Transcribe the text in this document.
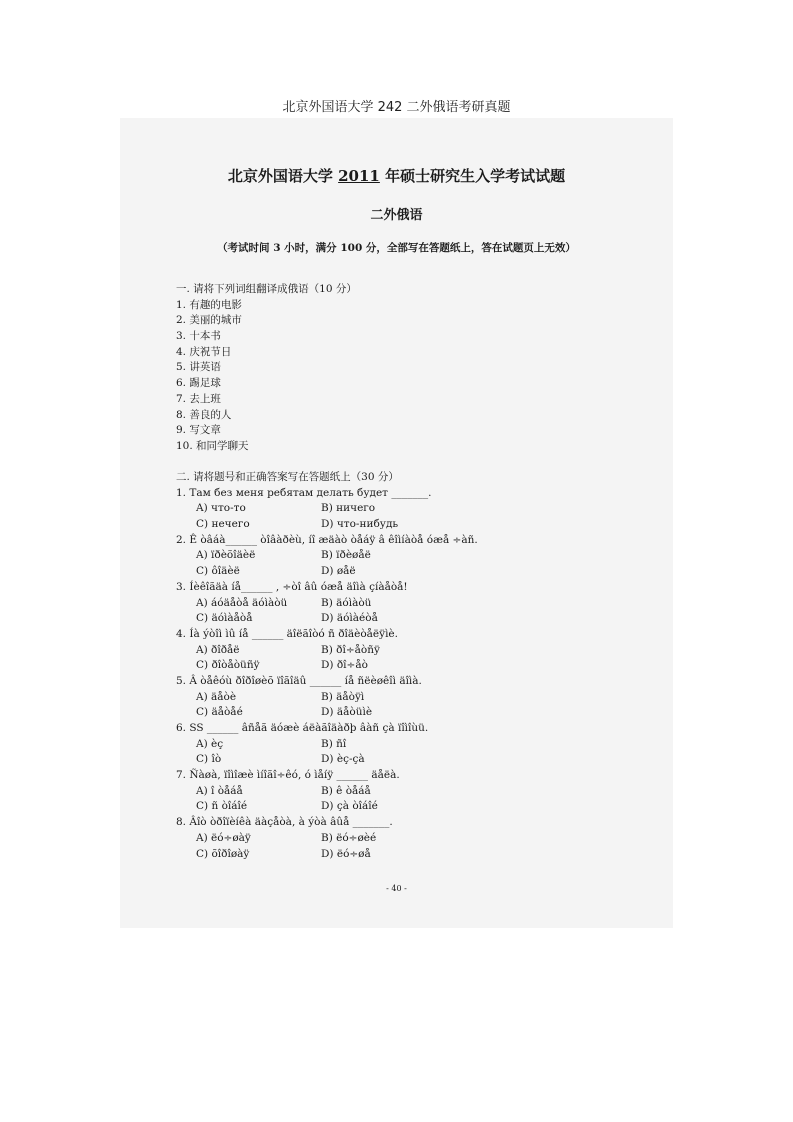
北京外国语大学 242 二外俄语考研真题
北京外国语大学 2011 年硕士研究生入学考试试题
二外俄语
（考试时间 3 小时，满分 100 分，全部写在答题纸上，答在试题页上无效）
一. 请将下列词组翻译成俄语（10 分）
1. 有趣的电影
2. 美丽的城市
3. 十本书
4. 庆祝节日
5. 讲英语
6. 踢足球
7. 去上班
8. 善良的人
9. 写文章
10. 和同学聊天
二. 请将题号和正确答案写在答题纸上（30 分）
1. Там без меня ребятам делать будет _______.
A) что-то	B) ничего
C) нечего	D) что-нибудь
2. Ê òâáà______ òîâàðèù, íî æäàò òåáÿ â êîìíàòå óæå ÷àñ.
A) ïðèõîäèë	B) ïðèøåë
C) ôîäèë	D) øåë
3. Íèêîãäà íå______ , ÷òî âû óæå äîìà çíàåòå!
A) áóäåòå äóìàòü	B) äóìàòü
C) äóìàåòå	D) äóìàéòå
4. Íà ýòîì ìû íå ______ äîëãîòó ñ ðîäèòåëÿìè.
A) ðîðåë	B) ðî÷åòñÿ
C) ðîòåòüñÿ	D) ðî÷åò
5. Â òåêóù ðîðîøèõ ïîãîäû ______ íå ñëèøêîì äîìà.
A) äåòè	B) äåòÿì
C) äåòåé	D) äåòüìè
6. SS ______ âñåã äóæè áëàãîäàðþ âàñ çà ïîìîùü.
A) èç	B) ñî
C) îò	D) èç-çà
7. Ñàøà, ïîìîæè ìíîãî÷êó, ó ìåíÿ ______ äåëà.
A) î òåáå	B) ê òåáå
C) ñ òîáîé	D) çà òîáîé
8. Âîò òðîïèíêà äàçåòà, à ýòà âûå _______.
A) ëó÷øàÿ	B) ëó÷øèé
C) õîðîøàÿ	D) ëó÷øå
- 40 -
